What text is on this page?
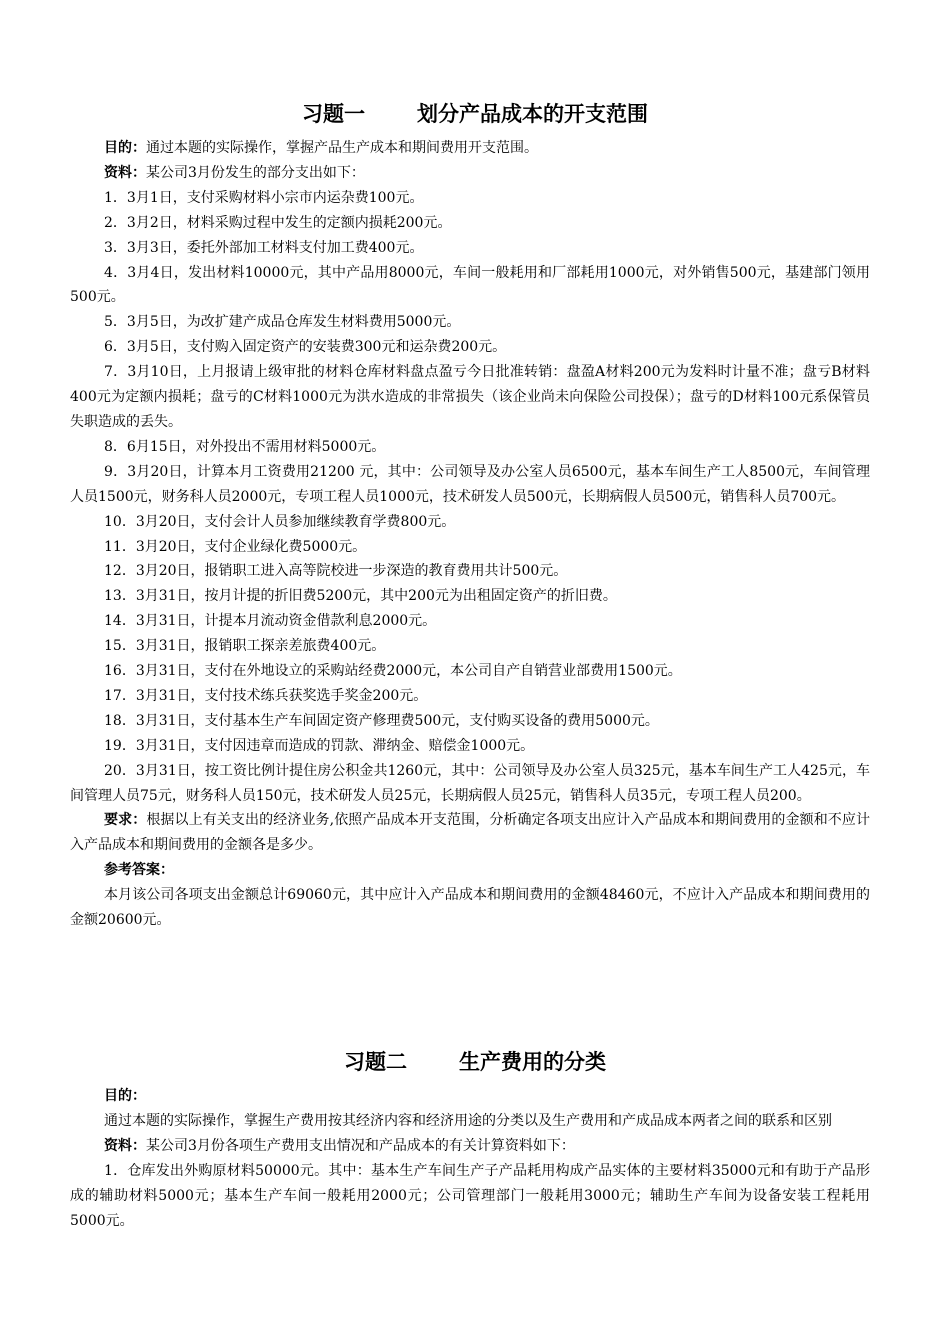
习题一 划分产品成本的开支范围

目的：通过本题的实际操作，掌握产品生产成本和期间费用开支范围。

资料：某公司3月份发生的部分支出如下：

1．3月1日，支付采购材料小宗市内运杂费100元。

2．3月2日，材料采购过程中发生的定额内损耗200元。

3．3月3日，委托外部加工材料支付加工费400元。

4．3月4日，发出材料10000元，其中产品用8000元，车间一般耗用和厂部耗用1000元，对外销售500元，基建部门领用500元。

5．3月5日，为改扩建产成品仓库发生材料费用5000元。

6．3月5日，支付购入固定资产的安装费300元和运杂费200元。

7．3月10日，上月报请上级审批的材料仓库材料盘点盈亏今日批准转销：盘盈A材料200元为发料时计量不准；盘亏B材料400元为定额内损耗；盘亏的C材料1000元为洪水造成的非常损失（该企业尚未向保险公司投保）；盘亏的D材料100元系保管员失职造成的丢失。

8．6月15日，对外投出不需用材料5000元。

9．3月20日，计算本月工资费用21200 元，其中：公司领导及办公室人员6500元，基本车间生产工人8500元，车间管理人员1500元，财务科人员2000元，专项工程人员1000元，技术研发人员500元，长期病假人员500元，销售科人员700元。

10．3月20日，支付会计人员参加继续教育学费800元。

11．3月20日，支付企业绿化费5000元。

12．3月20日，报销职工进入高等院校进一步深造的教育费用共计500元。

13．3月31日，按月计提的折旧费5200元，其中200元为出租固定资产的折旧费。

14．3月31日，计提本月流动资金借款利息2000元。

15．3月31日，报销职工探亲差旅费400元。

16．3月31日，支付在外地设立的采购站经费2000元，本公司自产自销营业部费用1500元。

17．3月31日，支付技术练兵获奖选手奖金200元。

18．3月31日，支付基本生产车间固定资产修理费500元，支付购买设备的费用5000元。

19．3月31日，支付因违章而造成的罚款、滞纳金、赔偿金1000元。

20．3月31日，按工资比例计提住房公积金共1260元，其中：公司领导及办公室人员325元，基本车间生产工人425元，车间管理人员75元，财务科人员150元，技术研发人员25元，长期病假人员25元，销售科人员35元，专项工程人员200。

要求：根据以上有关支出的经济业务,依照产品成本开支范围，分析确定各项支出应计入产品成本和期间费用的金额和不应计入产品成本和期间费用的金额各是多少。

参考答案：

本月该公司各项支出金额总计69060元，其中应计入产品成本和期间费用的金额48460元，不应计入产品成本和期间费用的金额20600元。

习题二 生产费用的分类

目的：

通过本题的实际操作，掌握生产费用按其经济内容和经济用途的分类以及生产费用和产成品成本两者之间的联系和区别

资料：某公司3月份各项生产费用支出情况和产品成本的有关计算资料如下：

1．仓库发出外购原材料50000元。其中：基本生产车间生产子产品耗用构成产品实体的主要材料35000元和有助于产品形成的辅助材料5000元；基本生产车间一般耗用2000元；公司管理部门一般耗用3000元；辅助生产车间为设备安装工程耗用5000元。
